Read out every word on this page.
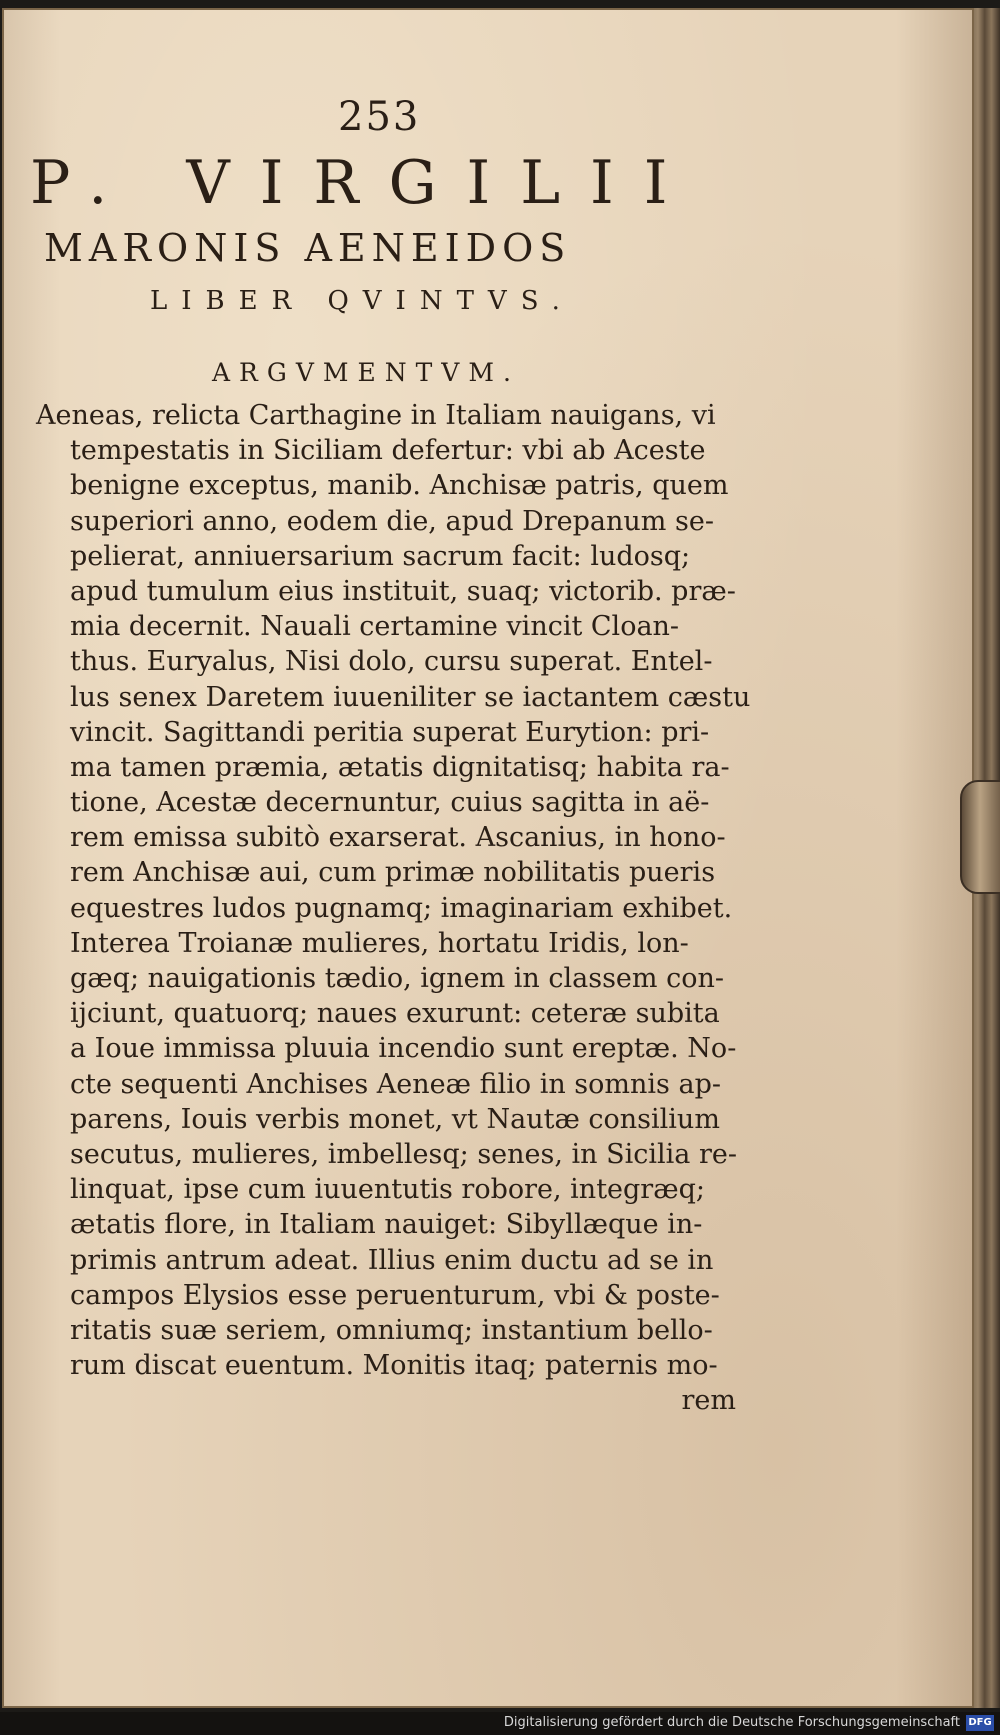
253
P. VIRGILII
MARONIS AENEIDOS
LIBER QVINTVS.
ARGVMENTVM.
Aeneas, relicta Carthagine in Italiam nauigans, vi
tempestatis in Siciliam defertur: vbi ab Aceste
benigne exceptus, manib. Anchisæ patris, quem
superiori anno, eodem die, apud Drepanum se-
pelierat, anniuersarium sacrum facit: ludosq;
apud tumulum eius instituit, suaq; victorib. præ-
mia decernit. Nauali certamine vincit Cloan-
thus. Euryalus, Nisi dolo, cursu superat. Entel-
lus senex Daretem iuueniliter se iactantem cæstu
vincit. Sagittandi peritia superat Eurytion: pri-
ma tamen præmia, ætatis dignitatisq; habita ra-
tione, Acestæ decernuntur, cuius sagitta in aë-
rem emissa subitò exarserat. Ascanius, in hono-
rem Anchisæ aui, cum primæ nobilitatis pueris
equestres ludos pugnamq; imaginariam exhibet.
Interea Troianæ mulieres, hortatu Iridis, lon-
gæq; nauigationis tædio, ignem in classem con-
ijciunt, quatuorq; naues exurunt: ceteræ subita
a Ioue immissa pluuia incendio sunt ereptæ. No-
cte sequenti Anchises Aeneæ filio in somnis ap-
parens, Iouis verbis monet, vt Nautæ consilium
secutus, mulieres, imbellesq; senes, in Sicilia re-
linquat, ipse cum iuuentutis robore, integræq;
ætatis flore, in Italiam nauiget: Sibyllæque in-
primis antrum adeat. Illius enim ductu ad se in
campos Elysios esse peruenturum, vbi & poste-
ritatis suæ seriem, omniumq; instantium bello-
rum discat euentum. Monitis itaq; paternis mo-
rem
Digitalisierung gefördert durch die Deutsche Forschungsgemeinschaft DFG
